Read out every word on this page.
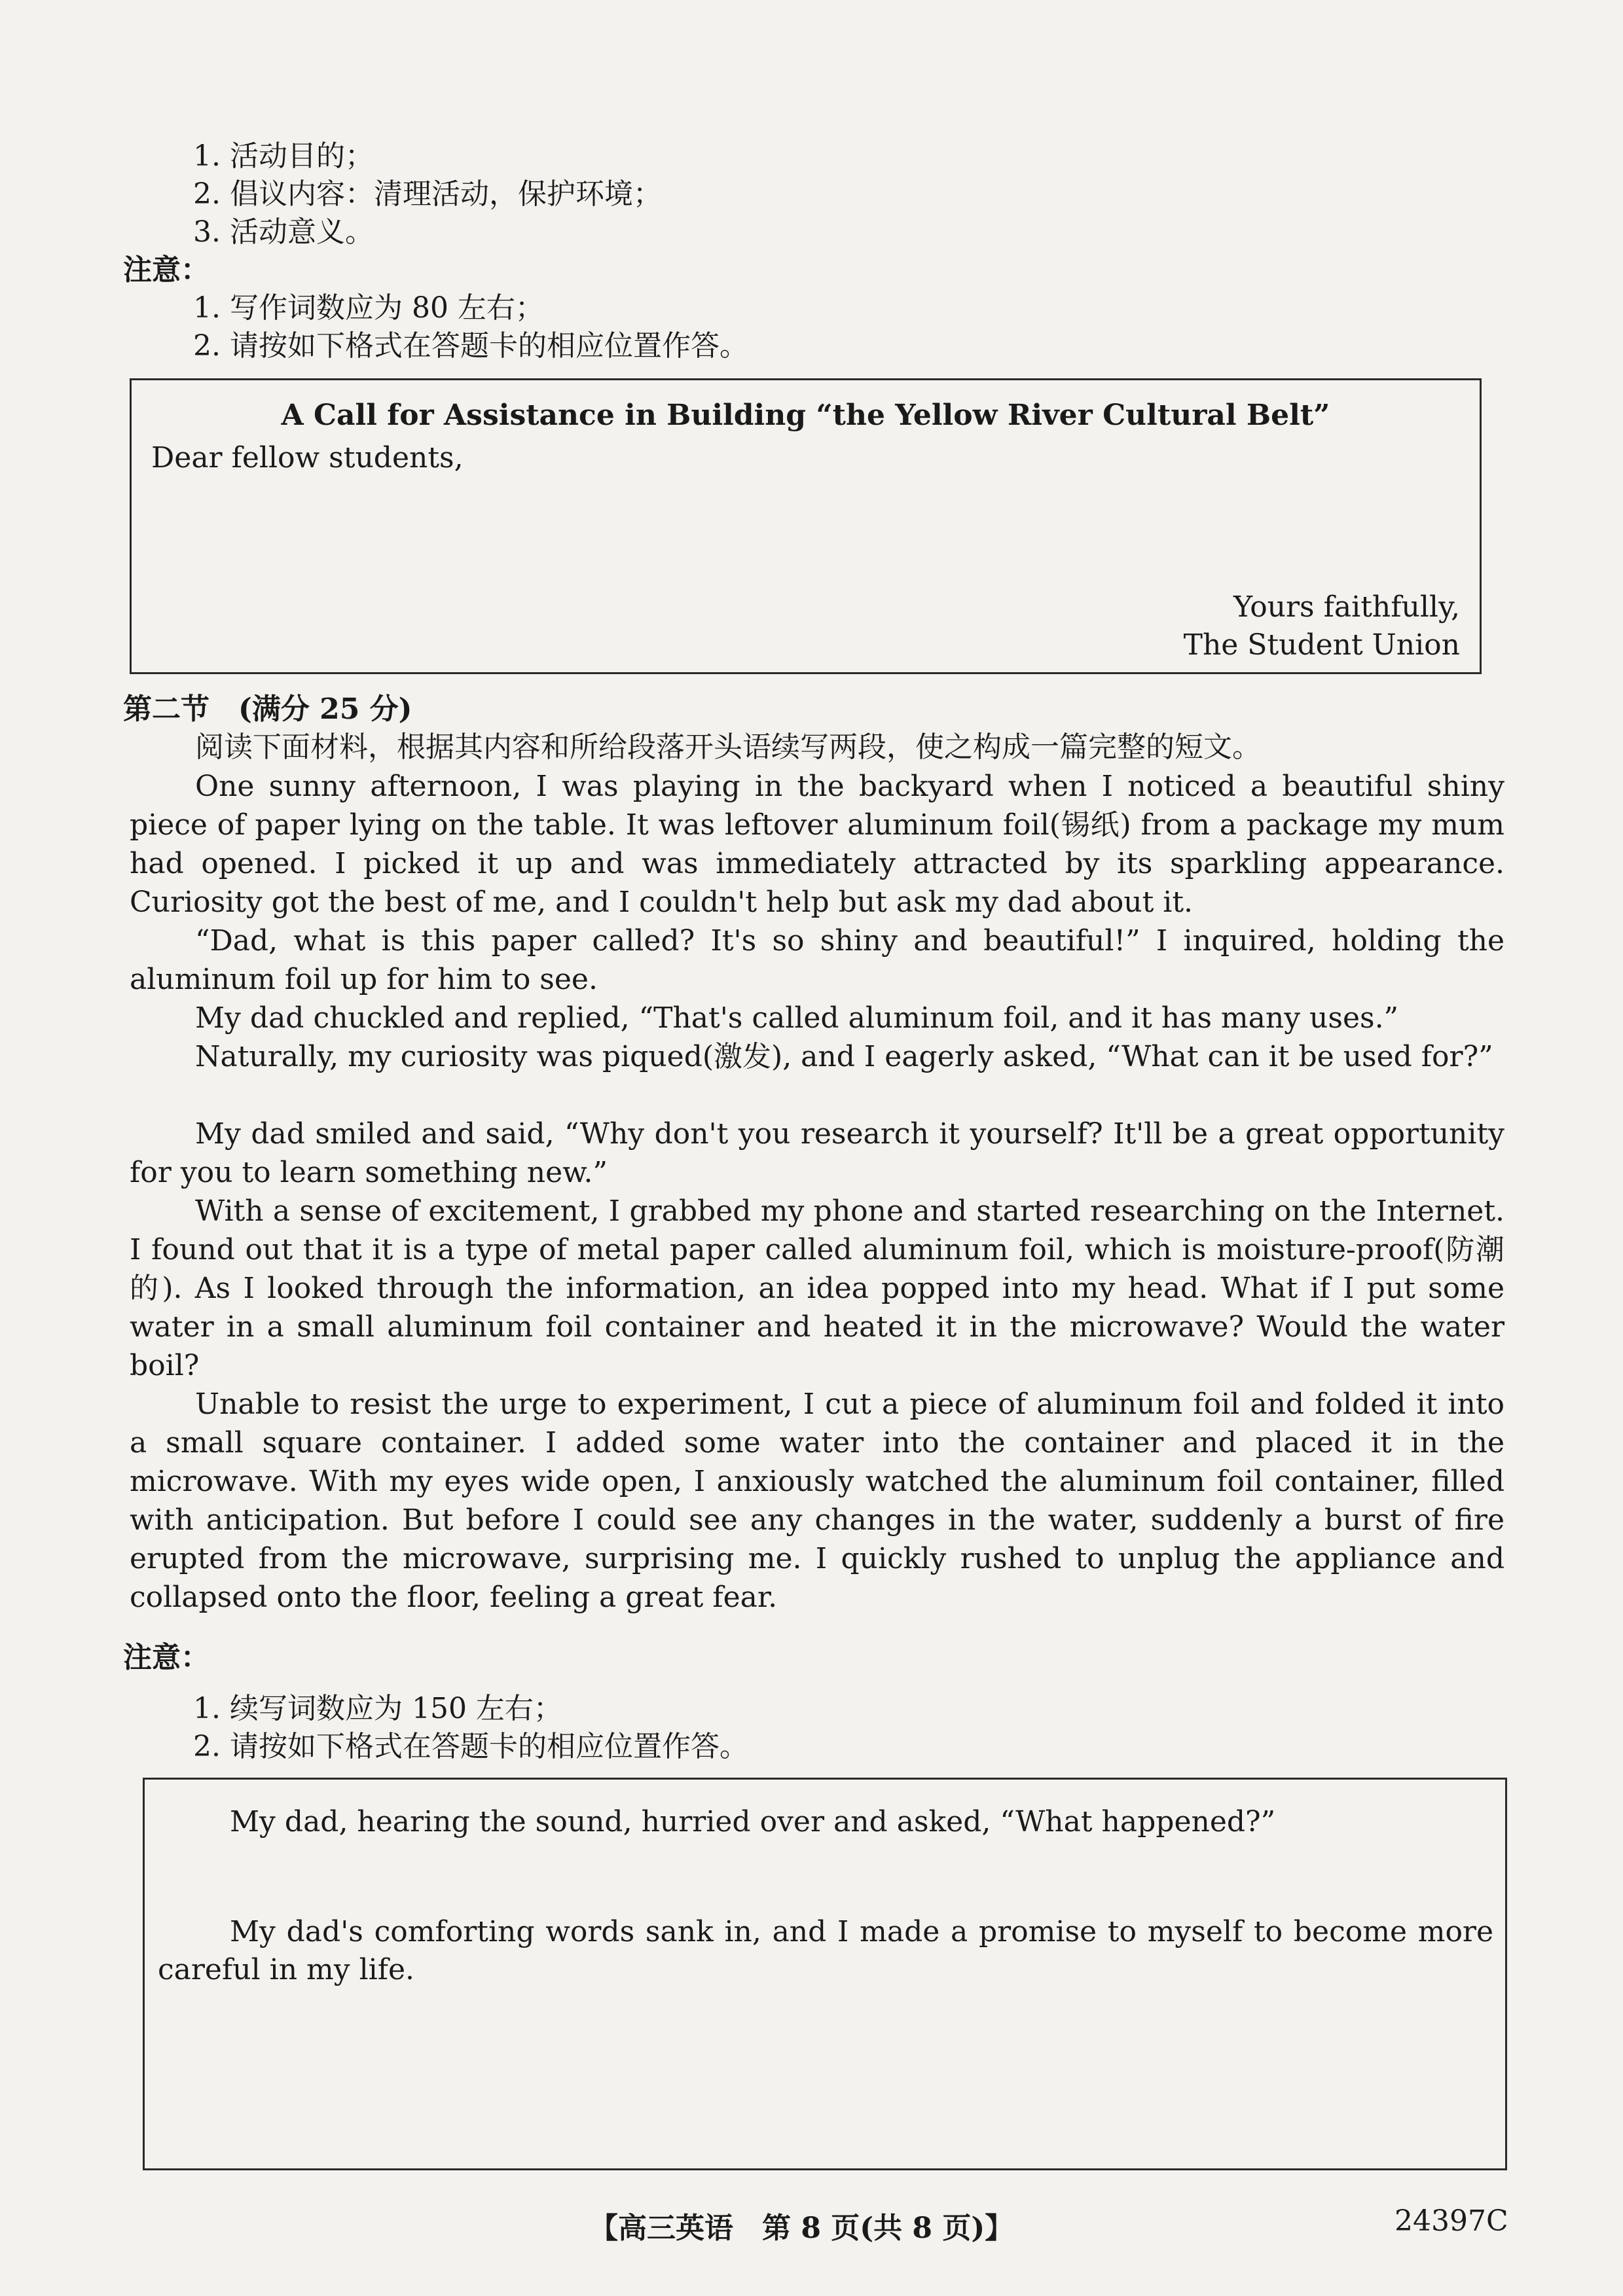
1. 活动目的；
2. 倡议内容：清理活动，保护环境；
3. 活动意义。
注意：
1. 写作词数应为 80 左右；
2. 请按如下格式在答题卡的相应位置作答。
A Call for Assistance in Building “the Yellow River Cultural Belt”
Dear fellow students,
Yours faithfully,
The Student Union
第二节　(满分 25 分)
阅读下面材料，根据其内容和所给段落开头语续写两段，使之构成一篇完整的短文。
One sunny afternoon, I was playing in the backyard when I noticed a beautiful shiny piece of paper lying on the table. It was leftover aluminum foil(锡纸) from a package my mum had opened. I picked it up and was immediately attracted by its sparkling appearance. Curiosity got the best of me, and I couldn't help but ask my dad about it.
“Dad, what is this paper called? It's so shiny and beautiful!” I inquired, holding the aluminum foil up for him to see.
My dad chuckled and replied, “That's called aluminum foil, and it has many uses.”
Naturally, my curiosity was piqued(激发), and I eagerly asked, “What can it be used for?”
My dad smiled and said, “Why don't you research it yourself? It'll be a great opportunity for you to learn something new.”
With a sense of excitement, I grabbed my phone and started researching on the Internet. I found out that it is a type of metal paper called aluminum foil, which is moisture-proof(防潮的). As I looked through the information, an idea popped into my head. What if I put some water in a small aluminum foil container and heated it in the microwave? Would the water boil?
Unable to resist the urge to experiment, I cut a piece of aluminum foil and folded it into a small square container. I added some water into the container and placed it in the microwave. With my eyes wide open, I anxiously watched the aluminum foil container, filled with anticipation. But before I could see any changes in the water, suddenly a burst of fire erupted from the microwave, surprising me. I quickly rushed to unplug the appliance and collapsed onto the floor, feeling a great fear.
注意：
1. 续写词数应为 150 左右；
2. 请按如下格式在答题卡的相应位置作答。
My dad, hearing the sound, hurried over and asked, “What happened?”
My dad's comforting words sank in, and I made a promise to myself to become more careful in my life.
【高三英语　第 8 页(共 8 页)】	24397C
